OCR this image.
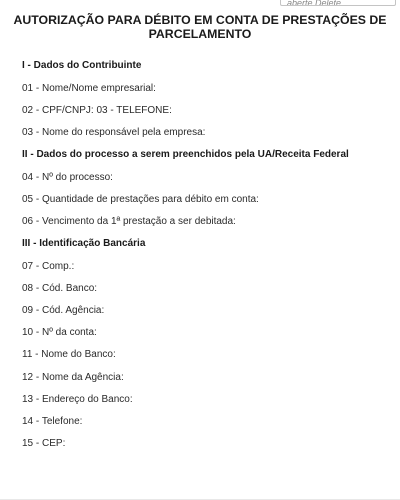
aberte Delete
AUTORIZAÇÃO PARA DÉBITO EM CONTA DE PRESTAÇÕES DE
PARCELAMENTO
I - Dados do Contribuinte
01 - Nome/Nome empresarial:
02 - CPF/CNPJ: 03 - TELEFONE:
03 - Nome do responsável pela empresa:
II - Dados do processo a serem preenchidos pela UA/Receita Federal
04 - Nº do processo:
05 - Quantidade de prestações para débito em conta:
06 - Vencimento da 1ª prestação a ser debitada:
III - Identificação Bancária
07 - Comp.:
08 - Cód. Banco:
09 - Cód. Agência:
10 - Nº da conta:
11 - Nome do Banco:
12 - Nome da Agência:
13 - Endereço do Banco:
14 - Telefone:
15 - CEP:
